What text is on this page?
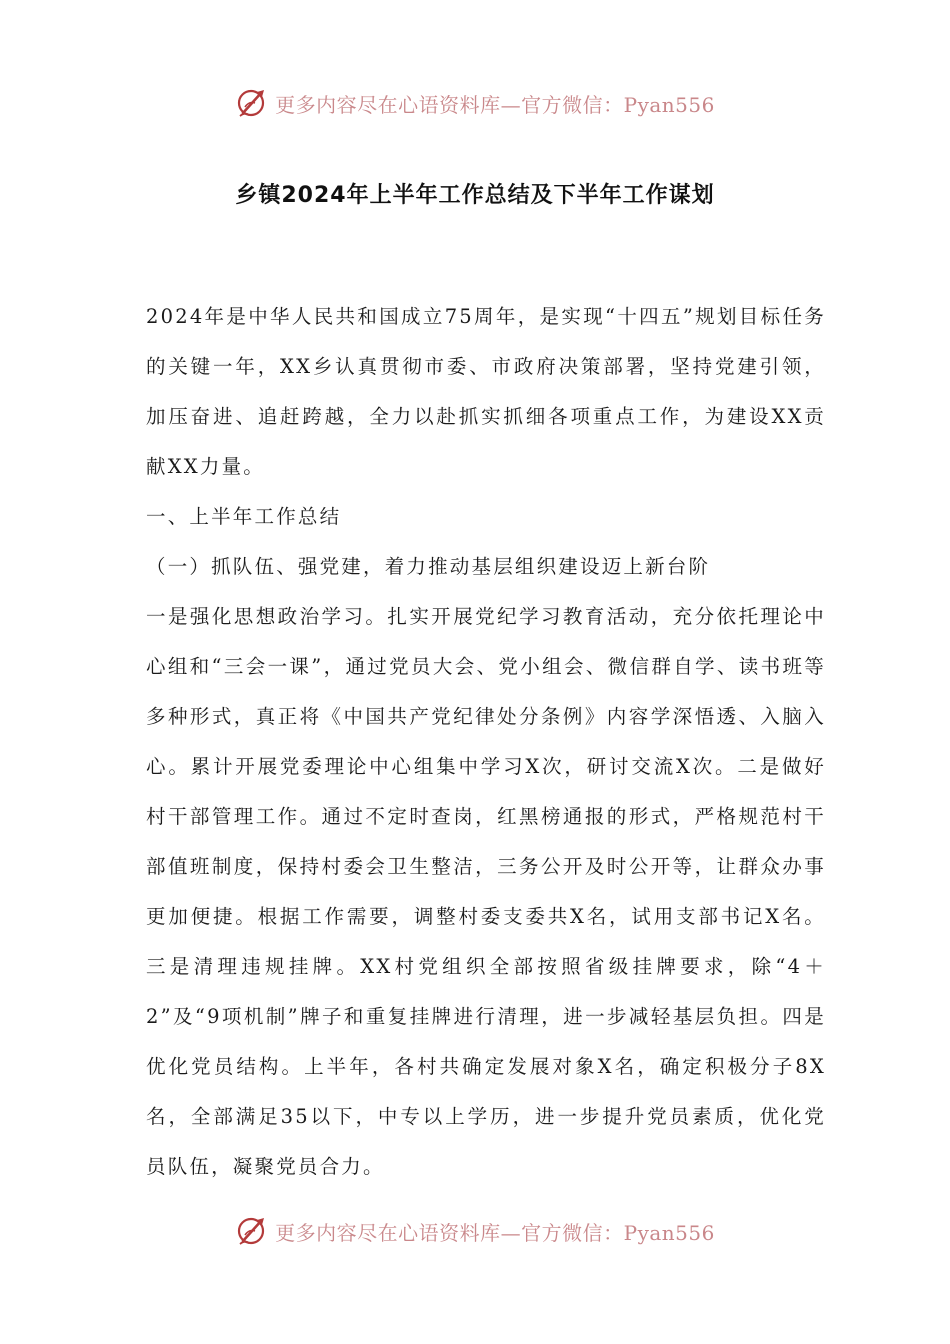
更多内容尽在心语资料库—官方微信：Pyan556
乡镇2024年上半年工作总结及下半年工作谋划

2024年是中华人民共和国成立75周年，是实现“十四五”规划目标任务的关键一年，XX乡认真贯彻市委、市政府决策部署，坚持党建引领，加压奋进、追赶跨越，全力以赴抓实抓细各项重点工作，为建设XX贡献XX力量。

一、上半年工作总结

（一）抓队伍、强党建，着力推动基层组织建设迈上新台阶

一是强化思想政治学习。扎实开展党纪学习教育活动，充分依托理论中心组和“三会一课”，通过党员大会、党小组会、微信群自学、读书班等多种形式，真正将《中国共产党纪律处分条例》内容学深悟透、入脑入心。累计开展党委理论中心组集中学习X次，研讨交流X次。二是做好村干部管理工作。通过不定时查岗，红黑榜通报的形式，严格规范村干部值班制度，保持村委会卫生整洁，三务公开及时公开等，让群众办事更加便捷。根据工作需要，调整村委支委共X名，试用支部书记X名。三是清理违规挂牌。XX村党组织全部按照省级挂牌要求，除“4＋2”及“9项机制”牌子和重复挂牌进行清理，进一步减轻基层负担。四是优化党员结构。上半年，各村共确定发展对象X名，确定积极分子8X名，全部满足35以下，中专以上学历，进一步提升党员素质，优化党员队伍，凝聚党员合力。

更多内容尽在心语资料库—官方微信：Pyan556
